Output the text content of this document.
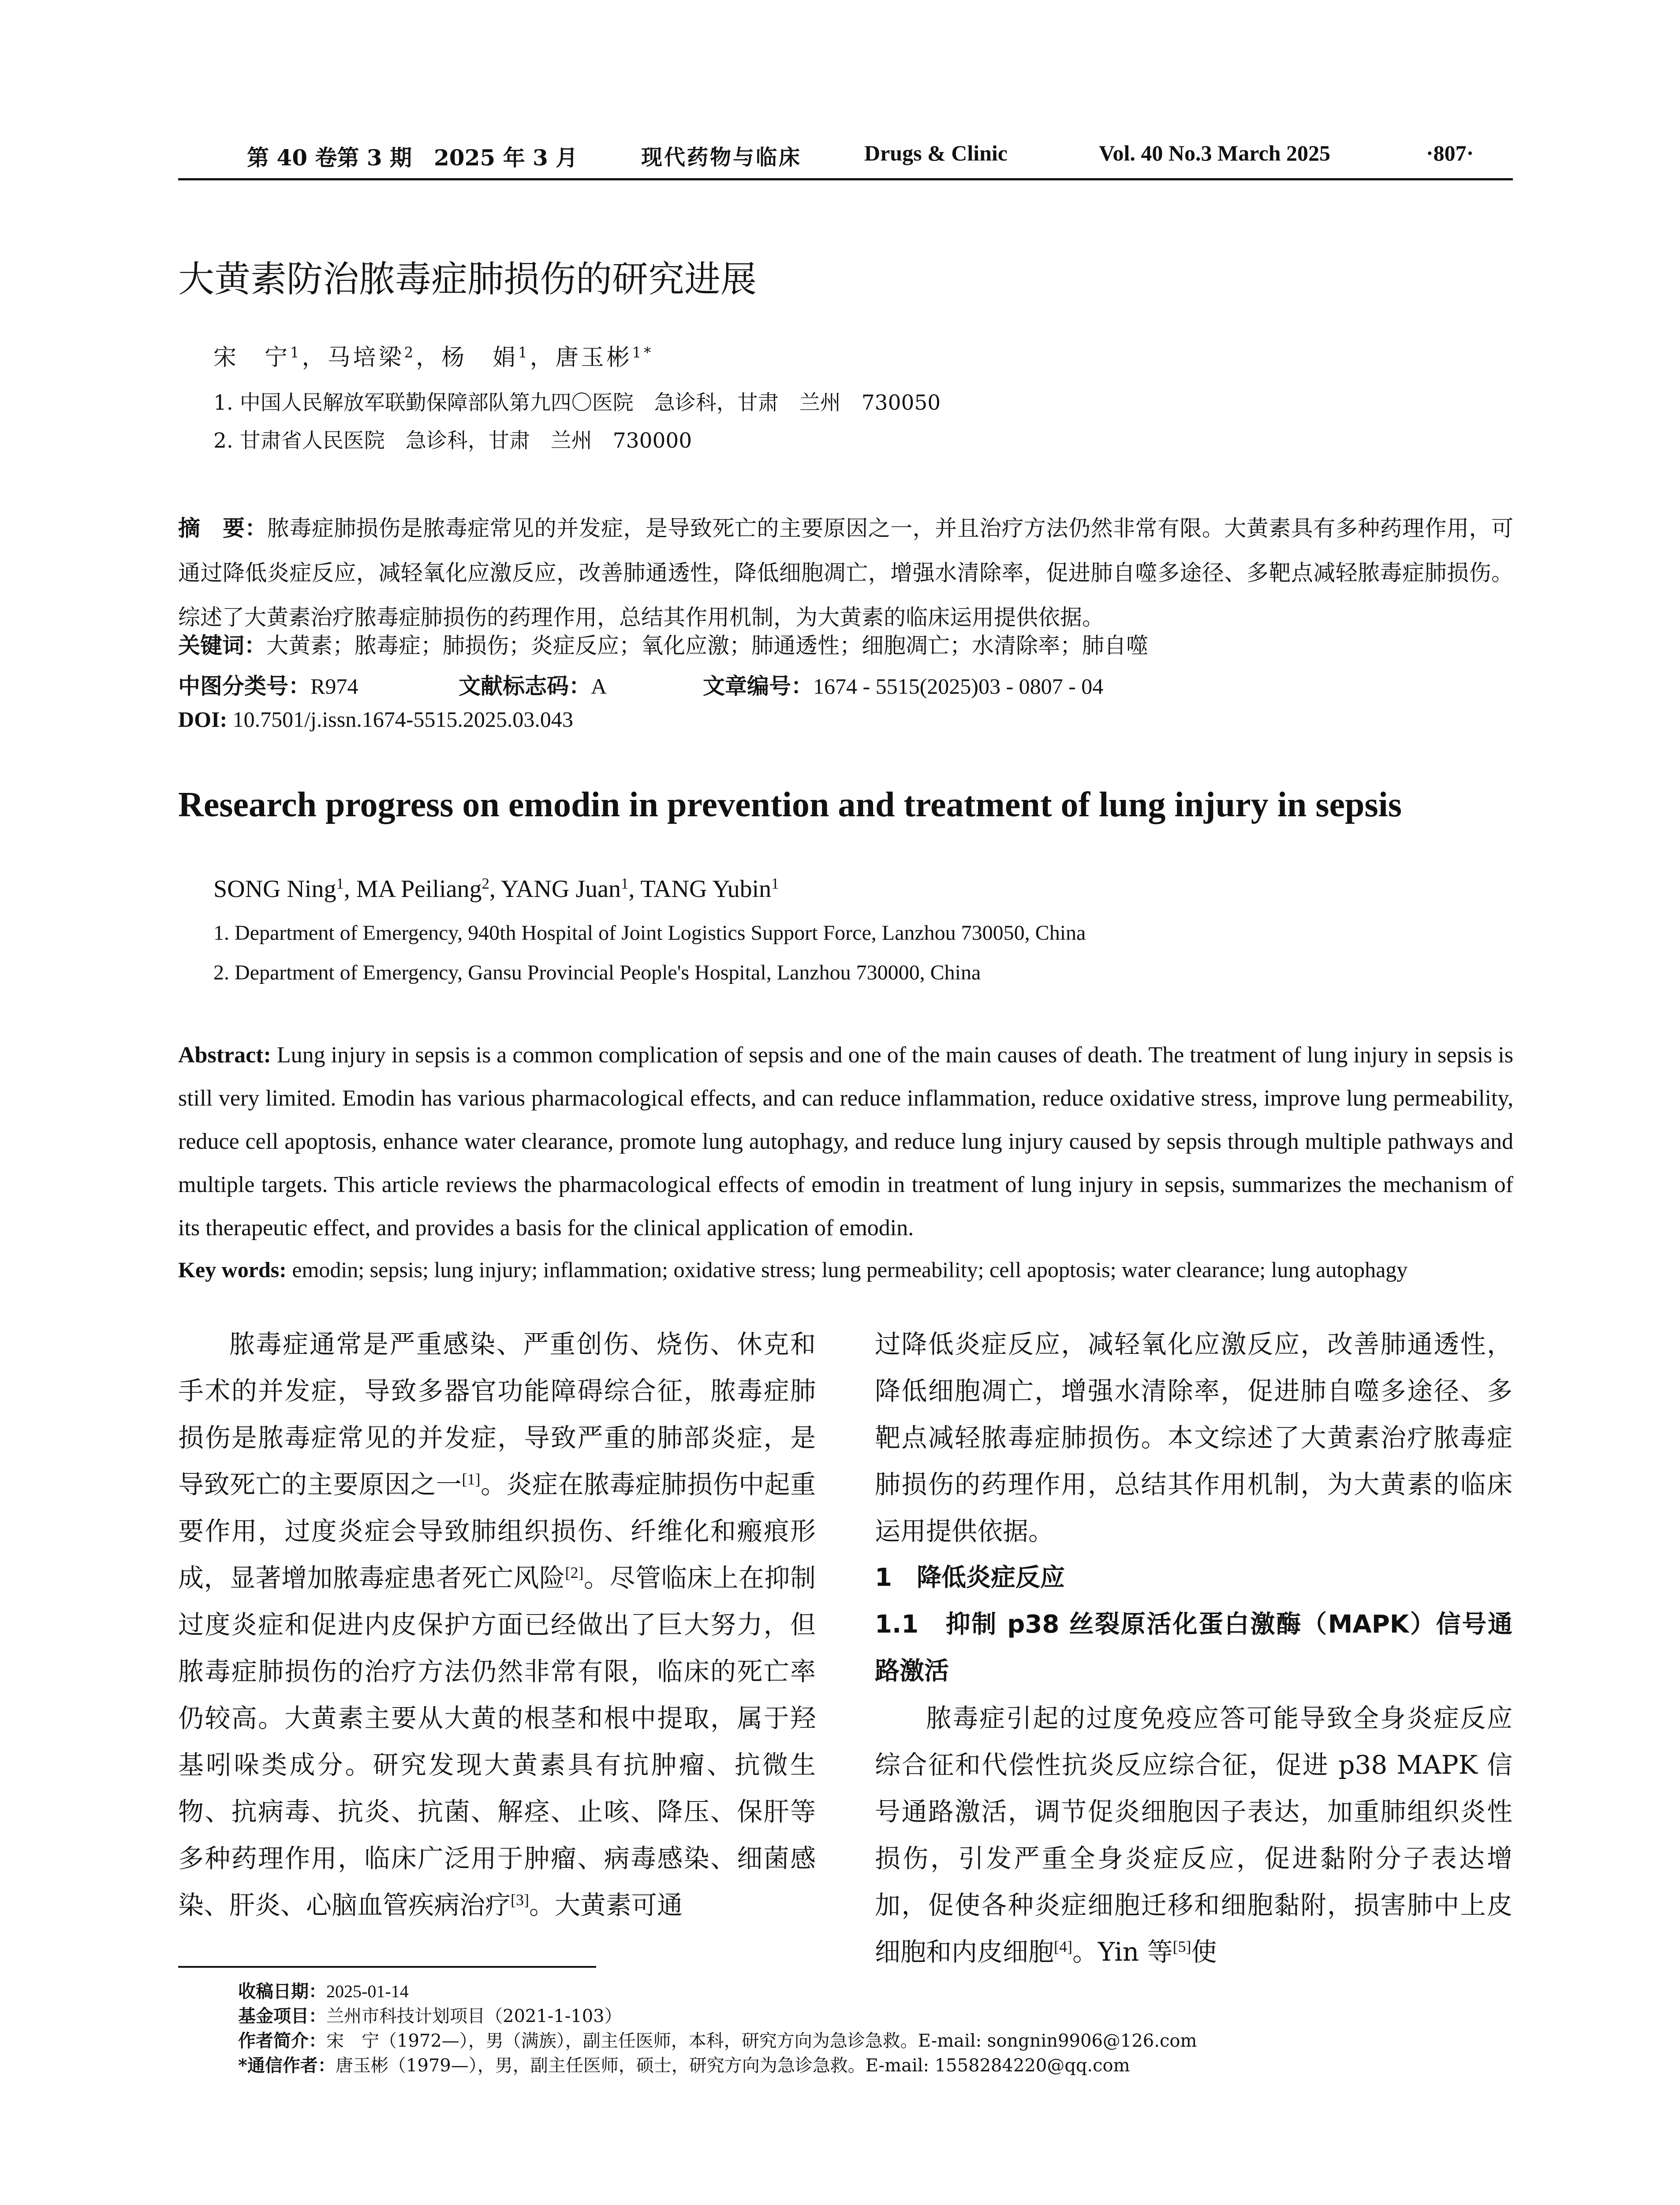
第 40 卷第 3 期　2025 年 3 月	现代药物与临床	Drugs & Clinic	Vol. 40 No.3 March 2025	·807·
大黄素防治脓毒症肺损伤的研究进展
宋　宁$^1$，马培梁$^2$，杨　娟$^1$，唐玉彬$^{1*}$
1. 中国人民解放军联勤保障部队第九四〇医院　急诊科，甘肃　兰州　730050
2. 甘肃省人民医院　急诊科，甘肃　兰州　730000
摘　要：脓毒症肺损伤是脓毒症常见的并发症，是导致死亡的主要原因之一，并且治疗方法仍然非常有限。大黄素具有多种药理作用，可通过降低炎症反应，减轻氧化应激反应，改善肺通透性，降低细胞凋亡，增强水清除率，促进肺自噬多途径、多靶点减轻脓毒症肺损伤。综述了大黄素治疗脓毒症肺损伤的药理作用，总结其作用机制，为大黄素的临床运用提供依据。
关键词：大黄素；脓毒症；肺损伤；炎症反应；氧化应激；肺通透性；细胞凋亡；水清除率；肺自噬
中图分类号：R974	文献标志码：A	文章编号：1674 - 5515(2025)03 - 0807 - 04
DOI: 10.7501/j.issn.1674-5515.2025.03.043
Research progress on emodin in prevention and treatment of lung injury in sepsis
SONG Ning$^1$, MA Peiliang$^2$, YANG Juan$^1$, TANG Yubin$^1$
1. Department of Emergency, 940th Hospital of Joint Logistics Support Force, Lanzhou 730050, China
2. Department of Emergency, Gansu Provincial People's Hospital, Lanzhou 730000, China
Abstract: Lung injury in sepsis is a common complication of sepsis and one of the main causes of death. The treatment of lung injury in sepsis is still very limited. Emodin has various pharmacological effects, and can reduce inflammation, reduce oxidative stress, improve lung permeability, reduce cell apoptosis, enhance water clearance, promote lung autophagy, and reduce lung injury caused by sepsis through multiple pathways and multiple targets. This article reviews the pharmacological effects of emodin in treatment of lung injury in sepsis, summarizes the mechanism of its therapeutic effect, and provides a basis for the clinical application of emodin.
Key words: emodin; sepsis; lung injury; inflammation; oxidative stress; lung permeability; cell apoptosis; water clearance; lung autophagy

脓毒症通常是严重感染、严重创伤、烧伤、休克和手术的并发症，导致多器官功能障碍综合征，脓毒症肺损伤是脓毒症常见的并发症，导致严重的肺部炎症，是导致死亡的主要原因之一[1]。炎症在脓毒症肺损伤中起重要作用，过度炎症会导致肺组织损伤、纤维化和瘢痕形成，显著增加脓毒症患者死亡风险[2]。尽管临床上在抑制过度炎症和促进内皮保护方面已经做出了巨大努力，但脓毒症肺损伤的治疗方法仍然非常有限，临床的死亡率仍较高。大黄素主要从大黄的根茎和根中提取，属于羟基吲哚类成分。研究发现大黄素具有抗肿瘤、抗微生物、抗病毒、抗炎、抗菌、解痉、止咳、降压、保肝等多种药理作用，临床广泛用于肿瘤、病毒感染、细菌感染、肝炎、心脑血管疾病治疗[3]。大黄素可通

过降低炎症反应，减轻氧化应激反应，改善肺通透性，降低细胞凋亡，增强水清除率，促进肺自噬多途径、多靶点减轻脓毒症肺损伤。本文综述了大黄素治疗脓毒症肺损伤的药理作用，总结其作用机制，为大黄素的临床运用提供依据。

1　降低炎症反应

1.1　抑制 p38 丝裂原活化蛋白激酶（MAPK）信号通路激活

脓毒症引起的过度免疫应答可能导致全身炎症反应综合征和代偿性抗炎反应综合征，促进 p38 MAPK 信号通路激活，调节促炎细胞因子表达，加重肺组织炎性损伤，引发严重全身炎症反应，促进黏附分子表达增加，促使各种炎症细胞迁移和细胞黏附，损害肺中上皮细胞和内皮细胞[4]。Yin 等[5]使

收稿日期：2025-01-14
基金项目：兰州市科技计划项目（2021-1-103）
作者简介：宋　宁（1972—），男（满族），副主任医师，本科，研究方向为急诊急救。E-mail: songnin9906@126.com
*通信作者：唐玉彬（1979—），男，副主任医师，硕士，研究方向为急诊急救。E-mail: 1558284220@qq.com
